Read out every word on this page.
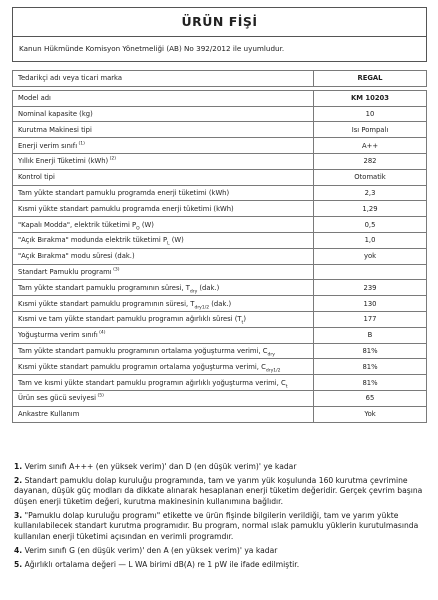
ÜRÜN FİŞİ
Kanun Hükmünde Komisyon Yönetmeliği (AB) No 392/2012 ile uyumludur.
Tedarikçi adı veya ticari marka	REGAL

Model adı	KM 10203
Nominal kapasite (kg)	10
Kurutma Makinesi tipi	Isı Pompalı
Enerji verim sınıfı $^{(1)}$	A++
Yıllık Enerji Tüketimi (kWh) $^{(2)}$	282
Kontrol tipi	Otomatik
Tam yükte standart pamuklu programda enerji tüketimi (kWh)	2,3
Kısmi yükte standart pamuklu programda enerji tüketimi (kWh)	1,29
"Kapalı Modda", elektrik tüketimi $P_O$ (W)	0,5
"Açık Bırakma" modunda elektrik tüketimi $P_L$ (W)	1,0
"Açık Bırakma" modu süresi (dak.)	yok
Standart Pamuklu programı $^{(3)}$	
Tam yükte standart pamuklu programının süresi, $T_{dry}$ (dak.)	239
Kısmi yükte standart pamuklu programının süresi, $T_{dry1/2}$ (dak.)	130
Kısmi ve tam yükte standart pamuklu programın ağırlıklı süresi $(T_t)$	177
Yoğuşturma verim sınıfı $^{(4)}$	B
Tam yükte standart pamuklu programının ortalama yoğuşturma verimi, $C_{dry}$	81%
Kısmi yükte standart pamuklu programın ortalama yoğuşturma verimi, $C_{dry1/2}$	81%
Tam ve kısmi yükte standart pamuklu programın ağırlıklı yoğuşturma verimi, $C_t$	81%
Ürün ses gücü seviyesi $^{(5)}$	65
Ankastre Kullanım	Yok
1. Verim sınıfı A+++ (en yüksek verim)' dan D (en düşük verim)' ye kadar
2. Standart pamuklu dolap kuruluğu programında, tam ve yarım yük koşulunda 160 kurutma çevrimine dayanan, düşük güç modları da dikkate alınarak hesaplanan enerji tüketim değeridir. Gerçek çevrim başına düşen enerji tüketim değeri, kurutma makinesinin kullanımına bağlıdır.
3. "Pamuklu dolap kuruluğu programı" etikette ve ürün fişinde bilgilerin verildiği, tam ve yarım yükte kullanılabilecek standart kurutma programıdır. Bu program, normal ıslak pamuklu yüklerin kurutulmasında kullanılan enerji tüketimi açısından en verimli programdır.
4. Verim sınıfı G (en düşük verim)' den A (en yüksek verim)' ya kadar
5. Ağırlıklı ortalama değeri — L WA birimi dB(A) re 1 pW ile ifade edilmiştir.
